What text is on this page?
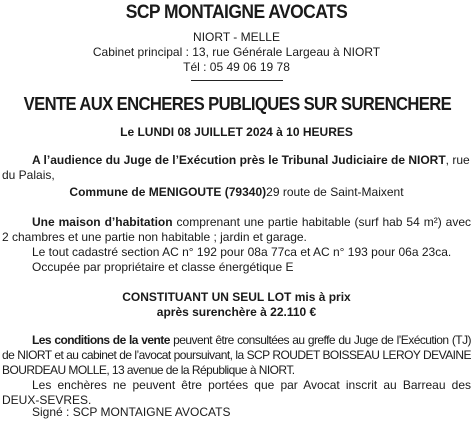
SCP MONTAIGNE AVOCATS
NIORT - MELLE
Cabinet principal : 13, rue Générale Largeau à NIORT
Tél : 05 49 06 19 78
VENTE AUX ENCHERES PUBLIQUES SUR SURENCHERE
Le LUNDI 08 JUILLET 2024 à 10 HEURES
A l’audience du Juge de l’Exécution près le Tribunal Judiciaire de NIORT, rue du Palais,
Commune de MENIGOUTE (79340)29 route de Saint-Maixent
Une maison d’habitation comprenant une partie habitable (surf hab 54 m²) avec 2 chambres et une partie non habitable ; jardin et garage.
Le tout cadastré section AC n° 192 pour 08a 77ca et AC n° 193 pour 06a 23ca.
Occupée par propriétaire et classe énergétique E
CONSTITUANT UN SEUL LOT mis à prix
après surenchère à 22.110 €
Les conditions de la vente peuvent être consultées au greffe du Juge de l’Exécution (TJ) de NIORT et au cabinet de l’avocat poursuivant, la SCP ROUDET BOISSEAU LEROY DEVAINE BOURDEAU MOLLE, 13 avenue de la République à NIORT.
Les enchères ne peuvent être portées que par Avocat inscrit au Barreau des DEUX-SEVRES.
Signé : SCP MONTAIGNE AVOCATS
